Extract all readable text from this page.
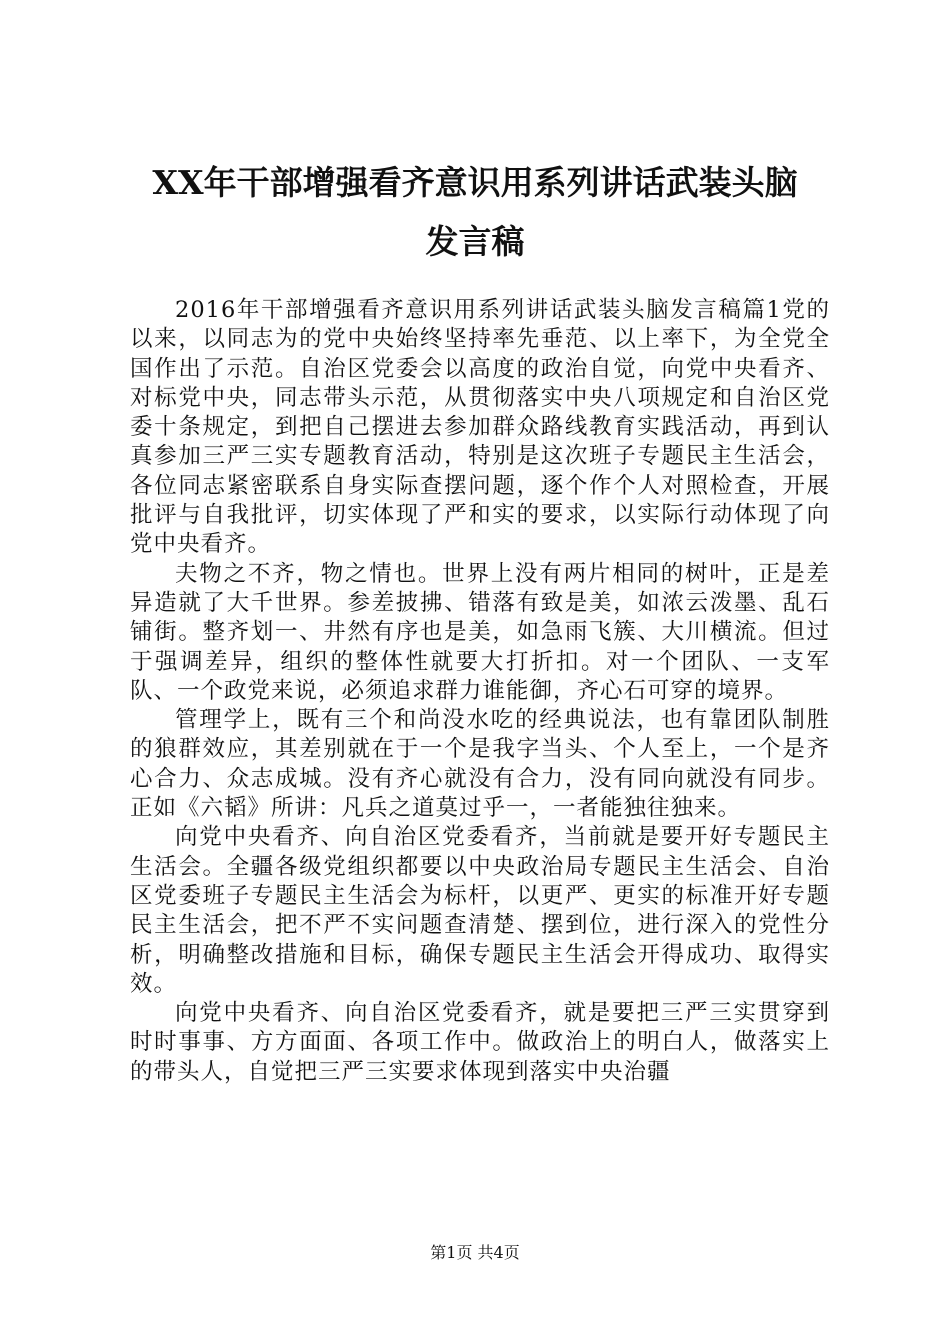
XX年干部增强看齐意识用系列讲话武装头脑
发言稿

2016年干部增强看齐意识用系列讲话武装头脑发言稿篇1党的以来，以同志为的党中央始终坚持率先垂范、以上率下，为全党全国作出了示范。自治区党委会以高度的政治自觉，向党中央看齐、对标党中央，同志带头示范，从贯彻落实中央八项规定和自治区党委十条规定，到把自己摆进去参加群众路线教育实践活动，再到认真参加三严三实专题教育活动，特别是这次班子专题民主生活会，各位同志紧密联系自身实际查摆问题，逐个作个人对照检查，开展批评与自我批评，切实体现了严和实的要求，以实际行动体现了向党中央看齐。

夫物之不齐，物之情也。世界上没有两片相同的树叶，正是差异造就了大千世界。参差披拂、错落有致是美，如浓云泼墨、乱石铺街。整齐划一、井然有序也是美，如急雨飞簇、大川横流。但过于强调差异，组织的整体性就要大打折扣。对一个团队、一支军队、一个政党来说，必须追求群力谁能御，齐心石可穿的境界。

管理学上，既有三个和尚没水吃的经典说法，也有靠团队制胜的狼群效应，其差别就在于一个是我字当头、个人至上，一个是齐心合力、众志成城。没有齐心就没有合力，没有同向就没有同步。正如《六韬》所讲：凡兵之道莫过乎一，一者能独往独来。

向党中央看齐、向自治区党委看齐，当前就是要开好专题民主生活会。全疆各级党组织都要以中央政治局专题民主生活会、自治区党委班子专题民主生活会为标杆，以更严、更实的标准开好专题民主生活会，把不严不实问题查清楚、摆到位，进行深入的党性分析，明确整改措施和目标，确保专题民主生活会开得成功、取得实效。

向党中央看齐、向自治区党委看齐，就是要把三严三实贯穿到时时事事、方方面面、各项工作中。做政治上的明白人，做落实上的带头人，自觉把三严三实要求体现到落实中央治疆

第1页 共4页
